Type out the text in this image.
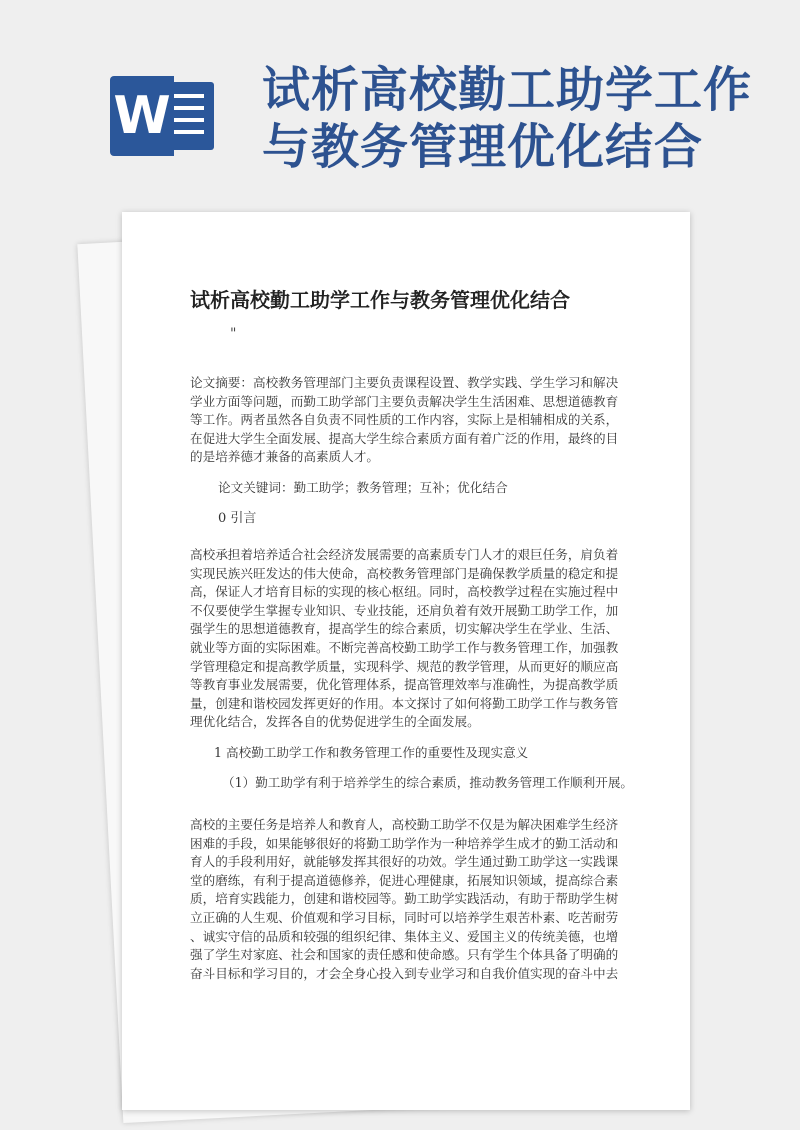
W 试析高校勤工助学工作
与教务管理优化结合
试析高校勤工助学工作与教务管理优化结合
"
论文摘要：高校教务管理部门主要负责课程设置、教学实践、学生学习和解决
学业方面等问题，而勤工助学部门主要负责解决学生生活困难、思想道德教育
等工作。两者虽然各自负责不同性质的工作内容，实际上是相辅相成的关系，
在促进大学生全面发展、提高大学生综合素质方面有着广泛的作用，最终的目
的是培养德才兼备的高素质人才。
论文关键词：勤工助学；教务管理；互补；优化结合
0 引言
高校承担着培养适合社会经济发展需要的高素质专门人才的艰巨任务，肩负着
实现民族兴旺发达的伟大使命，高校教务管理部门是确保教学质量的稳定和提
高，保证人才培育目标的实现的核心枢纽。同时，高校教学过程在实施过程中
不仅要使学生掌握专业知识、专业技能，还肩负着有效开展勤工助学工作，加
强学生的思想道德教育，提高学生的综合素质，切实解决学生在学业、生活、
就业等方面的实际困难。不断完善高校勤工助学工作与教务管理工作，加强教
学管理稳定和提高教学质量，实现科学、规范的教学管理，从而更好的顺应高
等教育事业发展需要，优化管理体系，提高管理效率与准确性，为提高教学质
量，创建和谐校园发挥更好的作用。本文探讨了如何将勤工助学工作与教务管
理优化结合，发挥各自的优势促进学生的全面发展。
1 高校勤工助学工作和教务管理工作的重要性及现实意义
（1）勤工助学有利于培养学生的综合素质，推动教务管理工作顺利开展。
高校的主要任务是培养人和教育人，高校勤工助学不仅是为解决困难学生经济
困难的手段，如果能够很好的将勤工助学作为一种培养学生成才的勤工活动和
育人的手段利用好，就能够发挥其很好的功效。学生通过勤工助学这一实践课
堂的磨练，有利于提高道德修养，促进心理健康，拓展知识领域，提高综合素
质，培育实践能力，创建和谐校园等。勤工助学实践活动，有助于帮助学生树
立正确的人生观、价值观和学习目标，同时可以培养学生艰苦朴素、吃苦耐劳
、诚实守信的品质和较强的组织纪律、集体主义、爱国主义的传统美德，也增
强了学生对家庭、社会和国家的责任感和使命感。只有学生个体具备了明确的
奋斗目标和学习目的，才会全身心投入到专业学习和自我价值实现的奋斗中去
